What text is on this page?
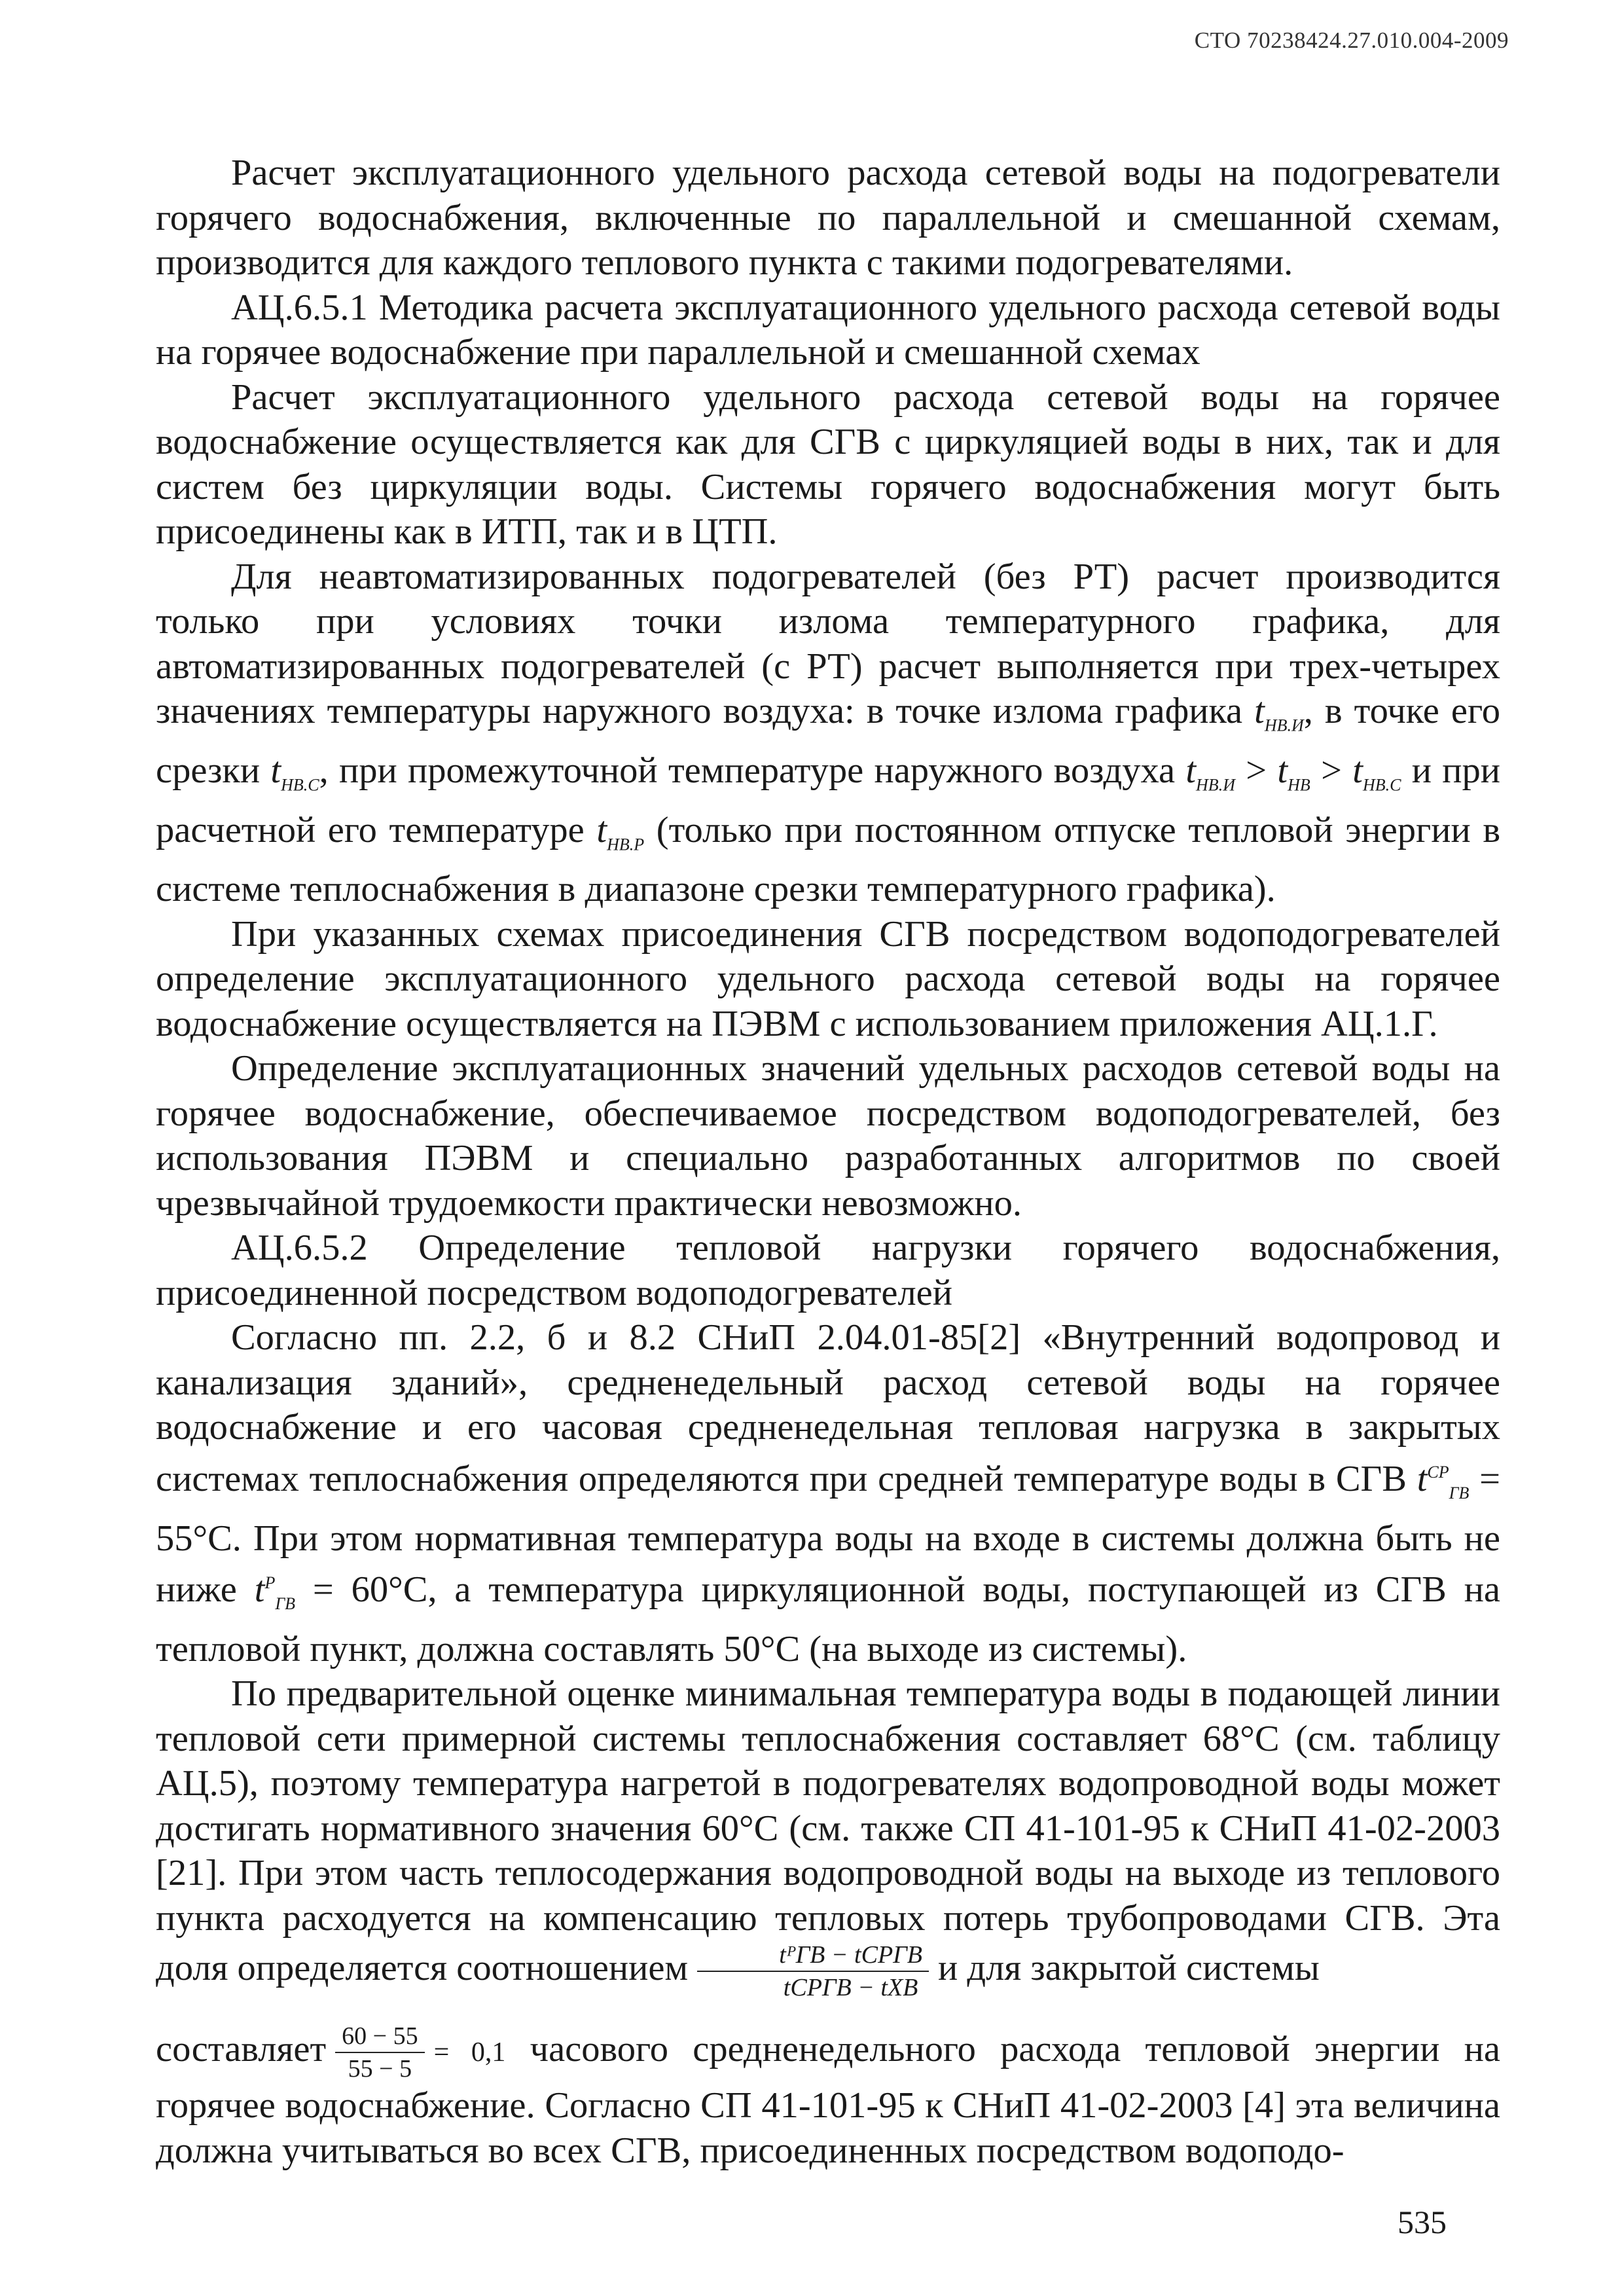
СТО 70238424.27.010.004-2009

Расчет эксплуатационного удельного расхода сетевой воды на подогреватели горячего водоснабжения, включенные по параллельной и смешанной схемам, производится для каждого теплового пункта с такими подогревателями.

АЦ.6.5.1 Методика расчета эксплуатационного удельного расхода сетевой воды на горячее водоснабжение при параллельной и смешанной схемах

Расчет эксплуатационного удельного расхода сетевой воды на горячее водоснабжение осуществляется как для СГВ с циркуляцией воды в них, так и для систем без циркуляции воды. Системы горячего водоснабжения могут быть присоединены как в ИТП, так и в ЦТП.

Для неавтоматизированных подогревателей (без РТ) расчет производится только при условиях точки излома температурного графика, для автоматизированных подогревателей (с РТ) расчет выполняется при трех-четырех значениях температуры наружного воздуха: в точке излома графика $t_{НВ.И}$, в точке его срезки $t_{НВ.С}$, при промежуточной температуре наружного воздуха $t_{НВ.И} > t_{НВ} > t_{НВ.С}$ и при расчетной его температуре $t_{НВ.Р}$ (только при постоянном отпуске тепловой энергии в системе теплоснабжения в диапазоне срезки температурного графика).

При указанных схемах присоединения СГВ посредством водоподогревателей определение эксплуатационного удельного расхода сетевой воды на горячее водоснабжение осуществляется на ПЭВМ с использованием приложения АЦ.1.Г.

Определение эксплуатационных значений удельных расходов сетевой воды на горячее водоснабжение, обеспечиваемое посредством водоподогревателей, без использования ПЭВМ и специально разработанных алгоритмов по своей чрезвычайной трудоемкости практически невозможно.

АЦ.6.5.2 Определение тепловой нагрузки горячего водоснабжения, присоединенной посредством водоподогревателей

Согласно пп. 2.2, б и 8.2 СНиП 2.04.01-85[2] «Внутренний водопровод и канализация зданий», средненедельный расход сетевой воды на горячее водоснабжение и его часовая средненедельная тепловая нагрузка в закрытых системах теплоснабжения определяются при средней температуре воды в СГВ $t^{СР}_{ГВ} = 55^\circ С$. При этом нормативная температура воды на входе в системы должна быть не ниже $t^Р_{ГВ} = 60^\circ С$, а температура циркуляционной воды, поступающей из СГВ на тепловой пункт, должна составлять 50°С (на выходе из системы).

По предварительной оценке минимальная температура воды в подающей линии тепловой сети примерной системы теплоснабжения составляет 68°С (см. таблицу АЦ.5), поэтому температура нагретой в подогревателях водопроводной воды может достигать нормативного значения 60°С (см. также СП 41-101-95 к СНиП 41-02-2003 [21]. При этом часть теплосодержания водопроводной воды на выходе из теплового пункта расходуется на компенсацию тепловых потерь трубопроводами СГВ. Эта доля определяется соотношением $\frac{\text{tᴾГВ − tСРГВ}}{\text{tСРГВ − tХВ}}$ и для закрытой системы

составляет $\frac{60 - 55}{55 - 5} = 0,1$ часового средненедельного расхода тепловой энергии на горячее водоснабжение. Согласно СП 41-101-95 к СНиП 41-02-2003 [4] эта величина должна учитываться во всех СГВ, присоединенных посредством водоподо-

535
